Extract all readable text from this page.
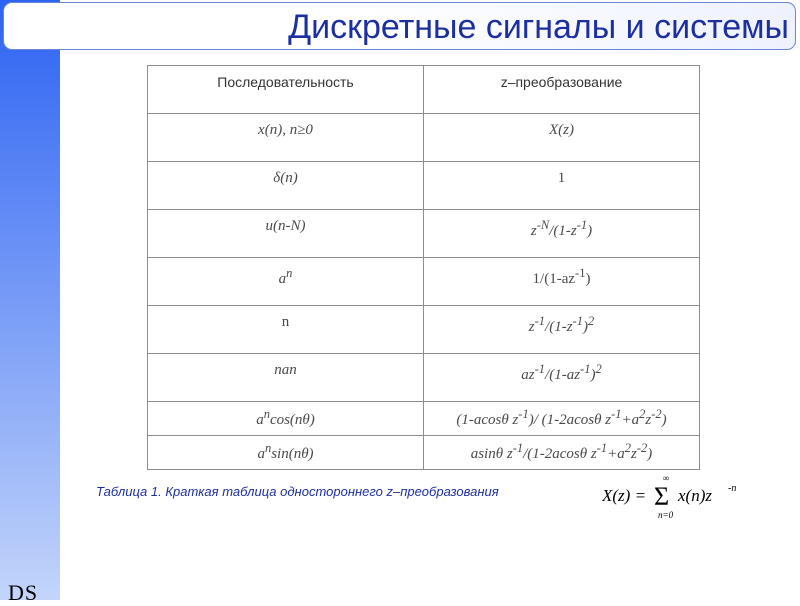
DS
Дискретные сигналы и системы
Последовательность	z–преобразование
x(n), n≥0	X(z)
δ(n)	1
u(n-N)	$z^{-N}/(1-z^{-1})$
$a^n$	$1/(1-az^{-1})$
n	$z^{-1}/(1-z^{-1})^2$
nan	$az^{-1}/(1-az^{-1})^2$
$a^n\cos(n\theta)$	(1-acosθ $z^{-1})/$ (1-2acosθ $z^{-1}+a^2z^{-2}$)
$a^n\sin(n\theta)$	asinθ $z^{-1}/(1-2acos\theta$ $z^{-1}+a^2z^{-2}$)
Таблица 1. Краткая таблица одностороннего z–преобразования	X(z) =
∞
Σ
n=0
x(n)z -n
